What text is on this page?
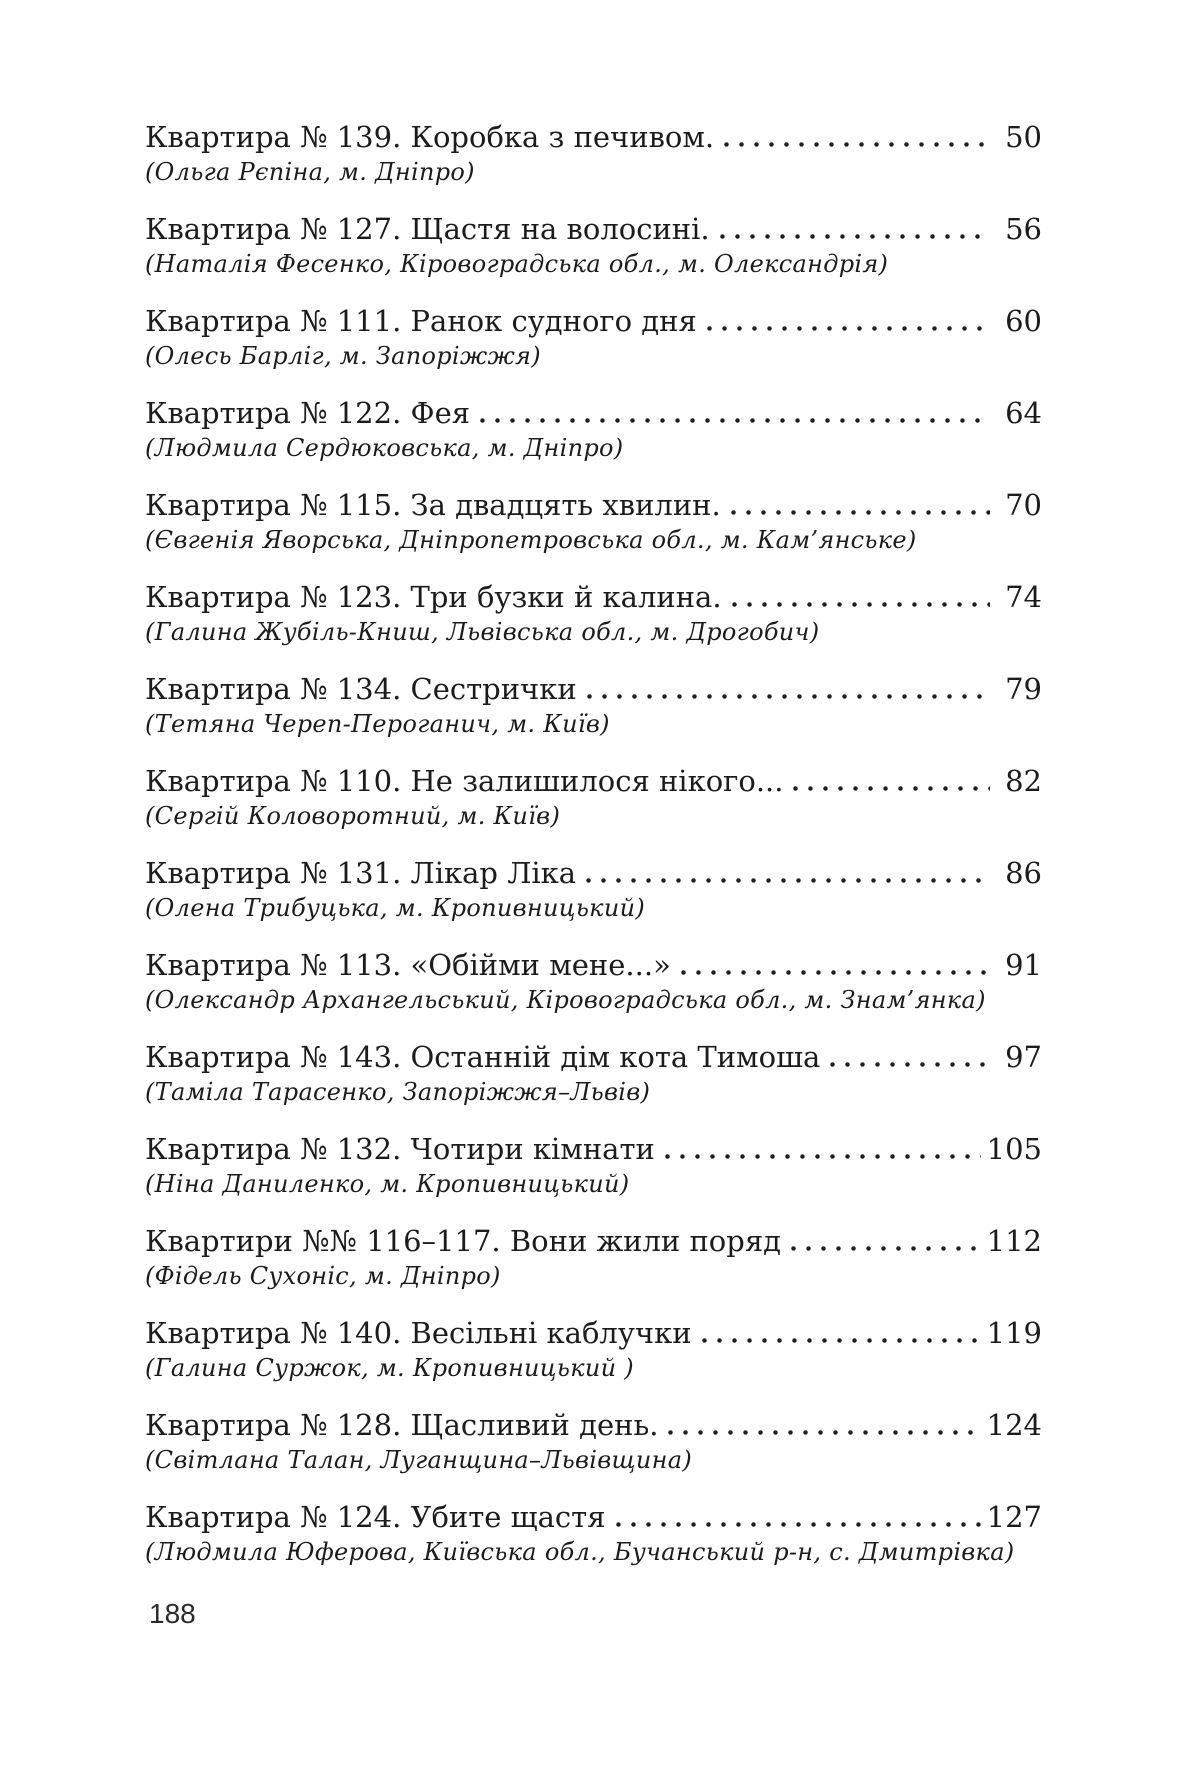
Квартира № 139. Коробка з печивом.	50
(Ольга Рєпіна, м. Дніпро)
Квартира № 127. Щастя на волосині.	56
(Наталія Фесенко, Кіровоградська обл., м. Олександрія)
Квартира № 111. Ранок судного дня	60
(Олесь Барліг, м. Запоріжжя)
Квартира № 122. Фея	64
(Людмила Сердюковська, м. Дніпро)
Квартира № 115. За двадцять хвилин.	70
(Євгенія Яворська, Дніпропетровська обл., м. Кам’янське)
Квартира № 123. Три бузки й калина.	74
(Галина Жубіль-Книш, Львівська обл., м. Дрогобич)
Квартира № 134. Сестрички	79
(Тетяна Череп-Пероганич, м. Київ)
Квартира № 110. Не залишилося нікого...	82
(Сергій Коловоротний, м. Київ)
Квартира № 131. Лікар Ліка	86
(Олена Трибуцька, м. Кропивницький)
Квартира № 113. «Обійми мене...»	91
(Олександр Архангельський, Кіровоградська обл., м. Знам’янка)
Квартира № 143. Останній дім кота Тимоша	97
(Таміла Тарасенко, Запоріжжя–Львів)
Квартира № 132. Чотири кімнати	105
(Ніна Даниленко, м. Кропивницький)
Квартири №№ 116–117. Вони жили поряд	112
(Фідель Сухоніс, м. Дніпро)
Квартира № 140. Весільні каблучки	119
(Галина Суржок, м. Кропивницький )
Квартира № 128. Щасливий день.	124
(Світлана Талан, Луганщина–Львівщина)
Квартира № 124. Убите щастя	127
(Людмила Юферова, Київська обл., Бучанський р-н, с. Дмитрівка)
188
